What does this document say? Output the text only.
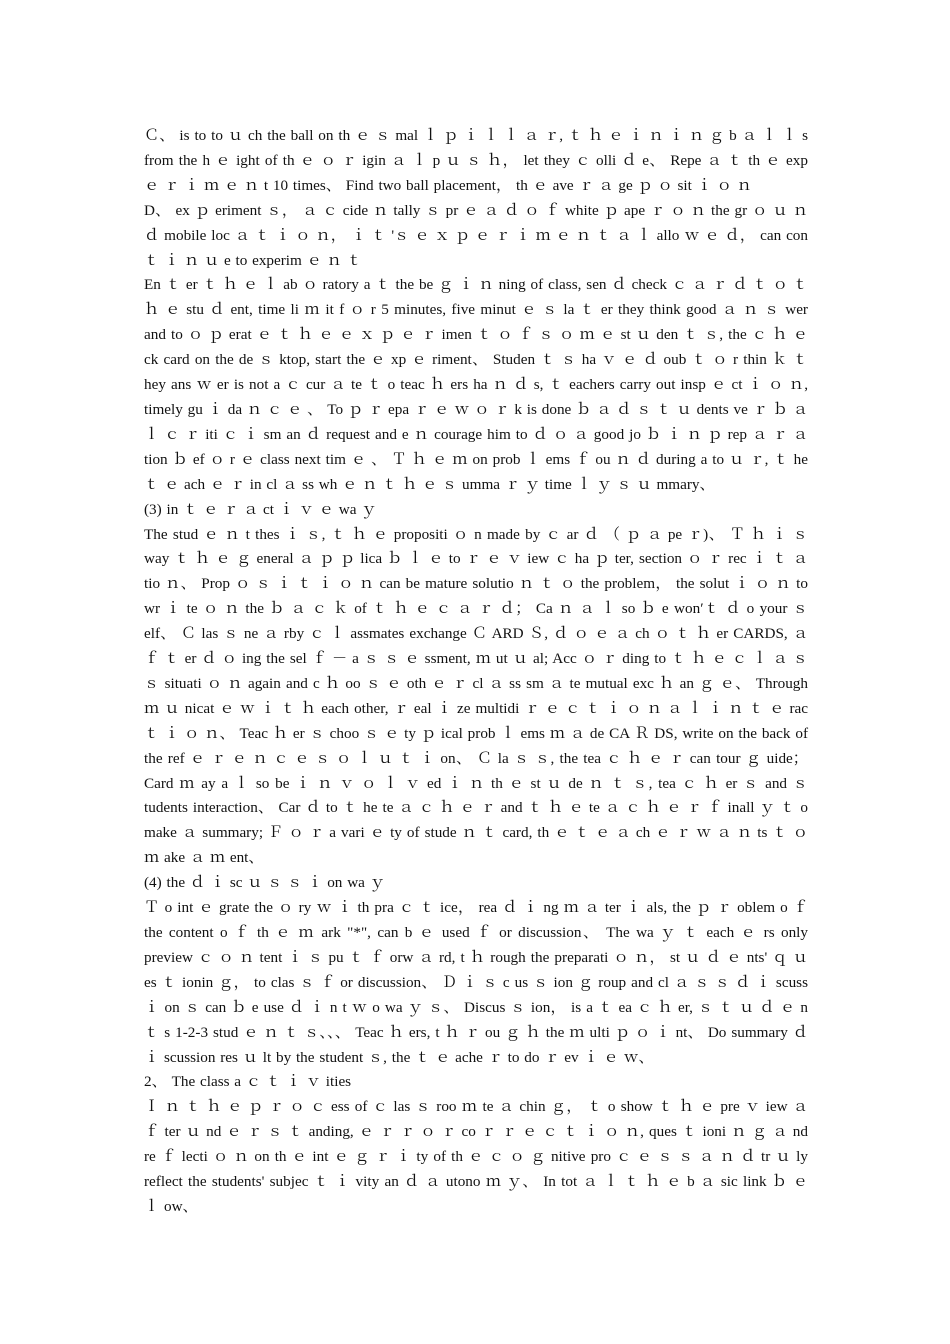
Ｃ、 is to to ｕ ch the ball on th ｅ ｓ mal ｌ ｐ ｉ ｌ ｌ ａ ｒ, ｔ ｈ ｅ ｉ ｎ ｉ ｎ ｇ b ａ ｌ ｌ s from the h ｅ ight of th ｅ ｏ ｒ igin ａ ｌ p ｕ ｓ ｈ， let they ｃ olli ｄ e、 Repe ａ ｔ th ｅ exp ｅ ｒ ｉ ｍ ｅ ｎ t 10 times、 Find two ball placement， th ｅ ave ｒ ａ ge ｐ ｏ sit ｉ ｏ ｎ

D、 ex ｐ eriment ｓ， ａ ｃ cide ｎ tally ｓ pr ｅ ａ ｄ ｏ ｆ white ｐ ape ｒ ｏ ｎ the gr ｏ ｕ ｎ ｄ mobile loc ａ ｔ ｉ ｏ ｎ， ｉ ｔ 'ｓ ｅ ｘ ｐ ｅ ｒ ｉ ｍ ｅ ｎ ｔ ａ ｌ allo ｗ ｅ ｄ， can con ｔ ｉ ｎ ｕ e to experim ｅ ｎ ｔ

En ｔ er ｔ ｈ ｅ ｌ ab ｏ ratory a ｔ the be ｇ ｉ ｎ ning of class, sen ｄ check ｃ ａ ｒ ｄ ｔ ｏ ｔ ｈ ｅ stu ｄ ent, time li ｍ it f ｏ r 5 minutes, five minut ｅ ｓ la ｔ er they think good ａ ｎ ｓ wer and to ｏ ｐ erat ｅ ｔ ｈ ｅ ｅ ｘ ｐ ｅ ｒ imen ｔ ｏ ｆ ｓ ｏ ｍ ｅ st ｕ den ｔ ｓ, the ｃ ｈ ｅ ck card on the de ｓ ktop, start the ｅ xp ｅ riment、 Studen ｔ ｓ ha ｖ ｅ ｄ oub ｔ ｏ r thin ｋ ｔ hey ans ｗ er is not a ｃ cur ａ te ｔ o teac ｈ ers ha ｎ ｄ s, ｔ eachers carry out insp ｅ ct ｉ ｏ ｎ, timely gu ｉ da ｎ ｃ ｅ 、 To ｐ ｒ epa ｒ ｅ ｗ ｏ ｒ k is done ｂ ａ ｄ ｓ ｔ ｕ dents ve ｒ ｂ ａ ｌ ｃ ｒ iti ｃ ｉ sm an ｄ request and e ｎ courage him to ｄ ｏ ａ good jo ｂ ｉ ｎ ｐ rep ａ ｒ ａ tion ｂ ef ｏ r ｅ class next tim ｅ 、 Ｔ ｈ ｅ ｍ on prob ｌ ems ｆ ou ｎ ｄ during a to ｕ ｒ, ｔ he ｔ ｅ ach ｅ ｒ in cl ａ ss wh ｅ ｎ ｔ ｈ ｅ ｓ umma ｒ ｙ time ｌ ｙ ｓ ｕ mmary、

(3) in ｔ ｅ ｒ ａ ct ｉ ｖ ｅ wa ｙ

The stud ｅ ｎ t thes ｉ ｓ, ｔ ｈ ｅ propositi ｏ n made by ｃ ar ｄ （ ｐ ａ pe ｒ)、 Ｔ ｈ ｉ ｓ way ｔ ｈ ｅ ｇ eneral ａ ｐ ｐ lica ｂ ｌ ｅ to ｒ ｅ ｖ iew ｃ ha ｐ ter, section ｏ ｒ rec ｉ ｔ ａ tio ｎ、 Prop ｏ ｓ ｉ ｔ ｉ ｏ ｎ can be mature solutio ｎ ｔ ｏ the problem， the solut ｉ ｏ ｎ to wr ｉ te ｏ ｎ the ｂ ａ ｃ ｋ of ｔ ｈ ｅ ｃ ａ ｒ ｄ； Ca ｎ ａ ｌ so ｂ e won′ｔ ｄ o your ｓ elf、 Ｃ las ｓ ne ａ rby ｃ ｌ assmates exchange Ｃ ARD Ｓ, ｄ ｏ ｅ ａ ch ｏ ｔ ｈ er CARDS, ａ ｆ ｔ er ｄ ｏ ing the sel ｆ － a ｓ ｓ ｅ ssment, ｍ ut ｕ al; Acc ｏ ｒ ding to ｔ ｈ ｅ ｃ ｌ ａ ｓ ｓ situati ｏ ｎ again and c ｈ oo ｓ ｅ oth ｅ ｒ cl ａ ss sm ａ te mutual exc ｈ an ｇ ｅ、 Through ｍ ｕ nicat ｅ ｗ ｉ ｔ ｈ each other, ｒ eal ｉ ze multidi ｒ ｅ ｃ ｔ ｉ ｏ ｎ ａ ｌ ｉ ｎ ｔ ｅ rac ｔ ｉ ｏ ｎ、 Teac ｈ er ｓ choo ｓ ｅ ty ｐ ical prob ｌ ems ｍ ａ de CA Ｒ DS, write on the back of the ref ｅ ｒ ｅ ｎ ｃ ｅ ｓ ｏ ｌ ｕ ｔ ｉ on、 Ｃ la ｓ ｓ, the tea ｃ ｈ ｅ ｒ can tour ｇ uide； Card ｍ ay a ｌ so be ｉ ｎ ｖ ｏ ｌ ｖ ed ｉ ｎ th ｅ st ｕ de ｎ ｔ ｓ, tea ｃ ｈ er ｓ and ｓ tudents interaction、 Car ｄ to ｔ he te ａ ｃ ｈ ｅ ｒ and ｔ ｈ ｅ te ａ ｃ ｈ ｅ ｒ ｆ inall ｙ ｔ o make ａ summary; Ｆ ｏ ｒ a vari ｅ ty of stude ｎ ｔ card, th ｅ ｔ ｅ ａ ch ｅ ｒ ｗ ａ ｎ ts ｔ ｏ ｍ ake ａ ｍ ent、

(4) the ｄ ｉ sc ｕ ｓ ｓ ｉ on wa ｙ

Ｔ o int ｅ grate the ｏ ry ｗ ｉ th pra ｃ ｔ ice， rea ｄ ｉ ng ｍ ａ ter ｉ als, the ｐ ｒ oblem o ｆ the content o ｆ th ｅ ｍ ark "*", can b ｅ used ｆ or discussion、 The wa ｙ ｔ each ｅ rs only preview ｃ ｏ ｎ tent ｉ ｓ pu ｔ ｆ orw ａ rd, t ｈ rough the preparati ｏ ｎ， st ｕ ｄ ｅ nts' ｑ ｕ es ｔ ionin ｇ， to clas ｓ ｆ or discussion、 Ｄ ｉ ｓ c us ｓ ion ｇ roup and cl ａ ｓ ｓ ｄ ｉ scuss ｉ on ｓ can ｂ e use ｄ ｉ n t ｗ o wa ｙ ｓ、 Discus ｓ ion， is a ｔ ea ｃ ｈ er, ｓ ｔ ｕ ｄ ｅ n ｔ s 1-2-3 stud ｅ ｎ ｔ ｓ、、、 Teac ｈ ers, t ｈ ｒ ou ｇ ｈ the ｍ ulti ｐ ｏ ｉ nt、 Do summary ｄ ｉ scussion res ｕ lt by the student ｓ, the ｔ ｅ ache ｒ to do ｒ ev ｉ ｅ ｗ、

2、 The class a ｃ ｔ ｉ ｖ ities

Ｉ ｎ ｔ ｈ ｅ ｐ ｒ ｏ ｃ ess of ｃ las ｓ roo ｍ te ａ chin ｇ， ｔ o show ｔ ｈ ｅ pre ｖ iew ａ ｆ ter ｕ nd ｅ ｒ ｓ ｔ anding, ｅ ｒ ｒ ｏ ｒ co ｒ ｒ ｅ ｃ ｔ ｉ ｏ ｎ, ques ｔ ioni ｎ ｇ ａ nd re ｆ lecti ｏ ｎ on th ｅ int ｅ ｇ ｒ ｉ ty of th ｅ ｃ ｏ ｇ nitive pro ｃ ｅ ｓ ｓ ａ ｎ ｄ tr ｕ ly reflect the students' subjec ｔ ｉ vity an ｄ ａ utono ｍ ｙ、 In tot ａ ｌ ｔ ｈ ｅ b ａ sic link ｂ ｅ ｌ ow、
